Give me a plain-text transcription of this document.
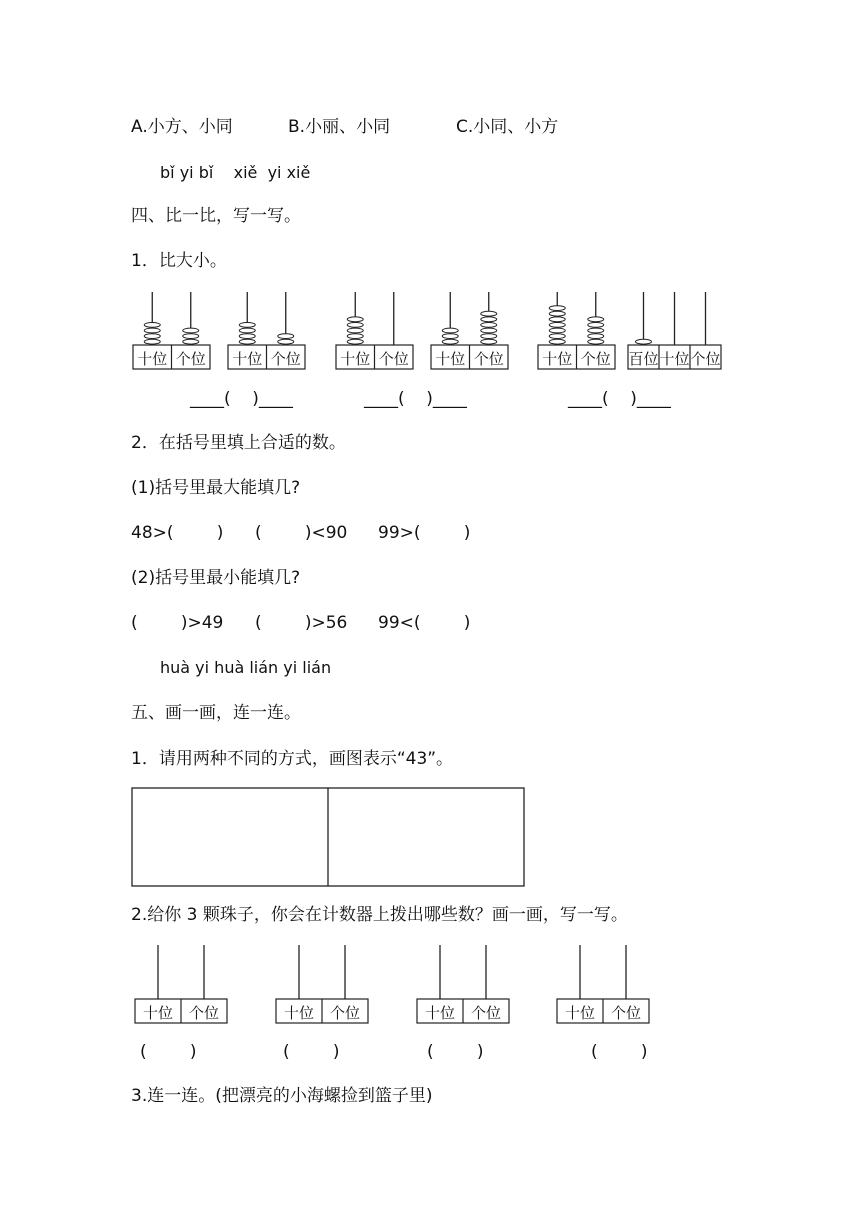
A.小方、小同	B.小丽、小同	C.小同、小方
bǐ yi bǐ    xiě  yi xiě
四、比一比，写一写。
1．比大小。
____(    )____	____(    )____	____(    )____
2．在括号里填上合适的数。
(1)括号里最大能填几?
48>(        ) (        )<90 99>(        )
(2)括号里最小能填几?
(        )>49 (        )>56 99<(        )
huà yi huà lián yi lián
五、画一画，连一连。
1．请用两种不同的方式，画图表示“43”。
2.给你 3 颗珠子，你会在计数器上拨出哪些数？画一画，写一写。
(        )	(        )	(        )	(        )
3.连一连。(把漂亮的小海螺捡到篮子里)
十位 个位 十位 个位	十位 个位 十位 个位	十位 个位 百位 十位 个位
十位 个位	十位 个位	十位 个位	十位 个位
